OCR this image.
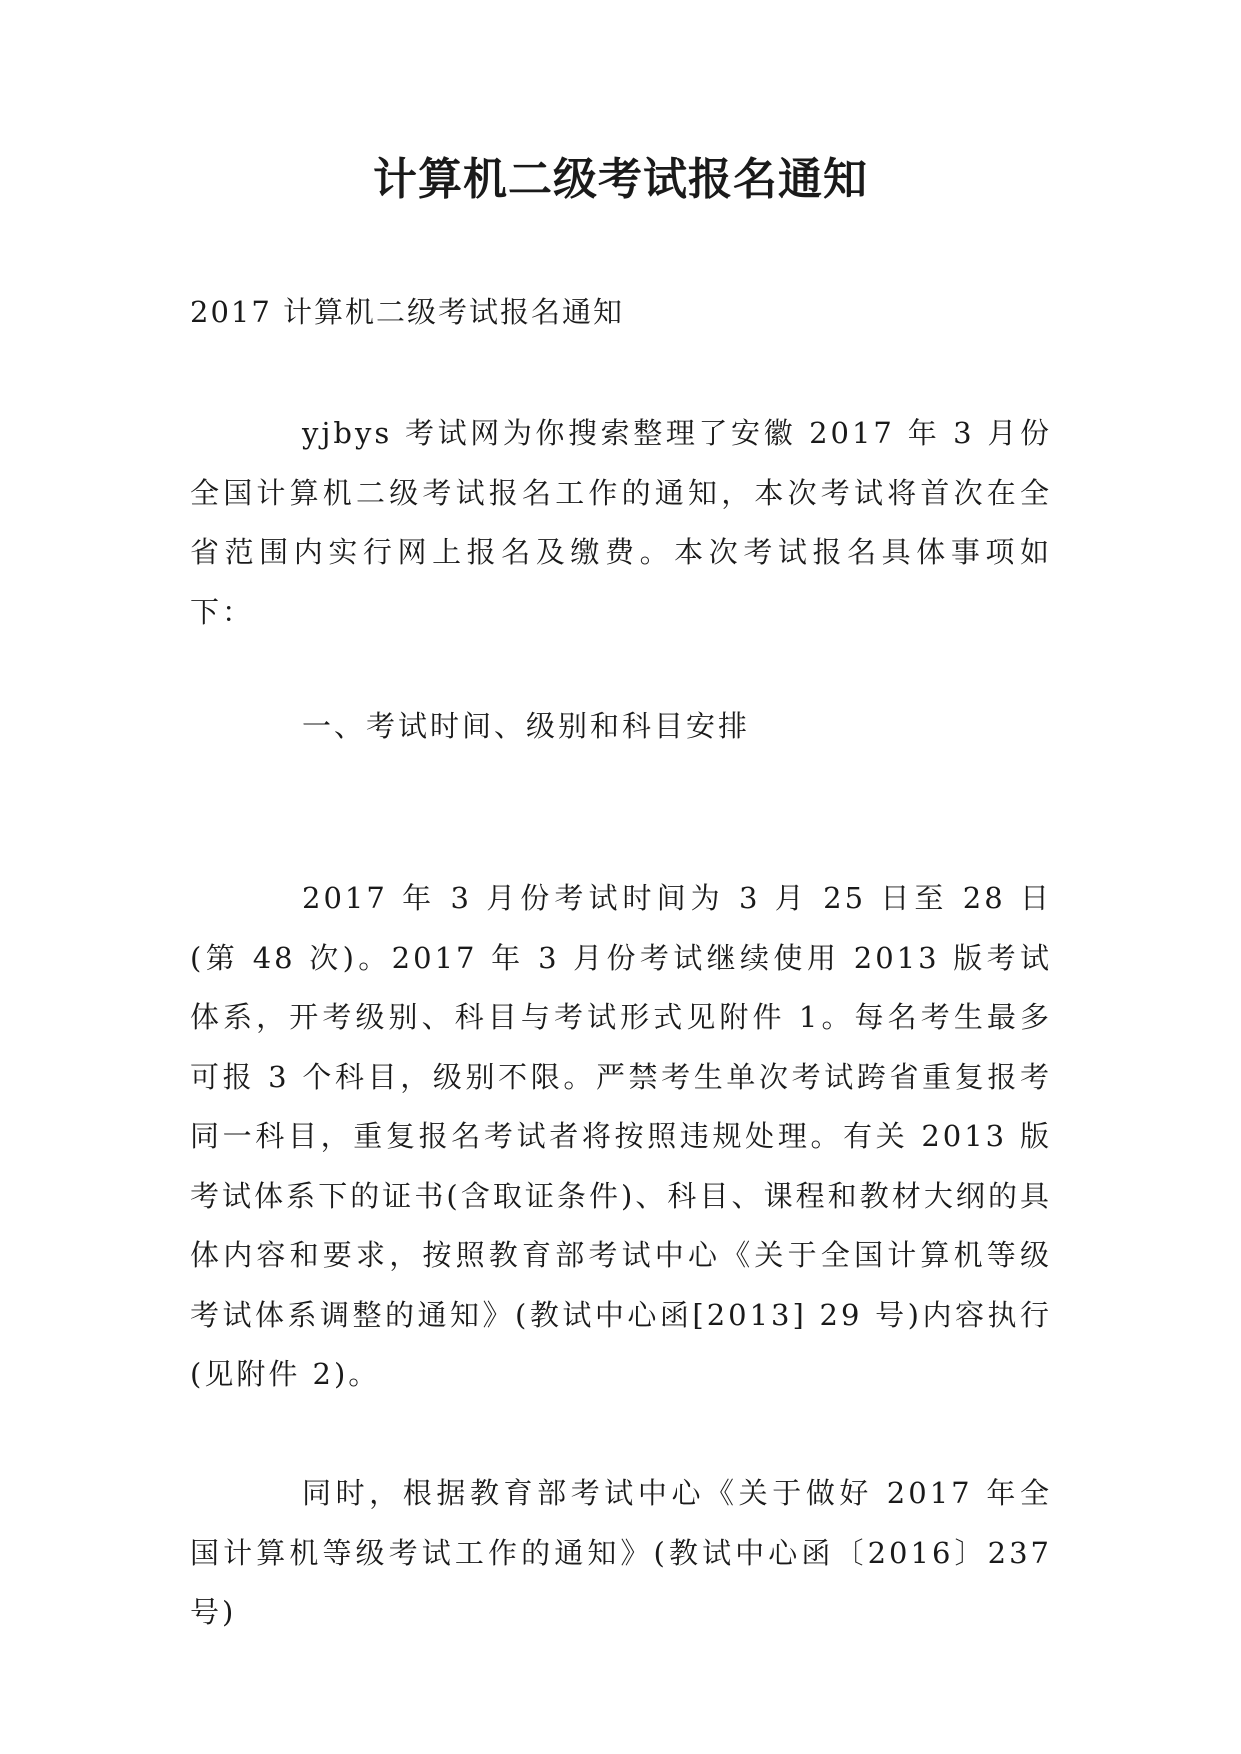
计算机二级考试报名通知
2017 计算机二级考试报名通知

yjbys 考试网为你搜索整理了安徽 2017 年 3 月份全国计算机二级考试报名工作的通知，本次考试将首次在全省范围内实行网上报名及缴费。本次考试报名具体事项如下：

一、考试时间、级别和科目安排

2017 年 3 月份考试时间为 3 月 25 日至 28 日(第 48 次)。2017 年 3 月份考试继续使用 2013 版考试体系，开考级别、科目与考试形式见附件 1。每名考生最多可报 3 个科目，级别不限。严禁考生单次考试跨省重复报考同一科目，重复报名考试者将按照违规处理。有关 2013 版考试体系下的证书(含取证条件)、科目、课程和教材大纲的具体内容和要求，按照教育部考试中心《关于全国计算机等级考试体系调整的通知》(教试中心函[2013] 29 号)内容执行(见附件 2)。

同时，根据教育部考试中心《关于做好 2017 年全国计算机等级考试工作的通知》(教试中心函〔2016〕237 号)
